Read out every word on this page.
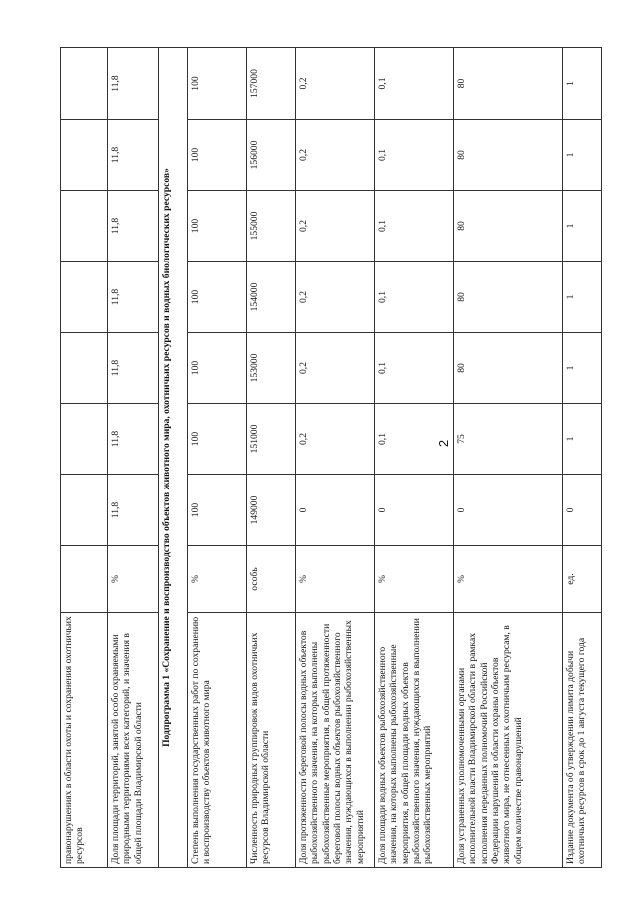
2
правонарушениях в области охоты и сохранения охотничьих ресурсов								
Доля площади территорий, занятой особо охраняемыми природными территориями всех категорий, и значения в общей площади Владимирской области	%	11,8	11,8	11,8	11,8	11,8	11,8	11,8
Подпрограмма 1 «Сохранение и воспроизводство объектов животного мира, охотничьих ресурсов и водных биологических ресурсов»								
Степень выполнения государственных работ по сохранению и воспроизводству объектов животного мира	%	100	100	100	100	100	100	100
Численность природных группировок видов охотничьих ресурсов Владимирской области	особь	149000	151000	153000	154000	155000	156000	157000
Доля протяженности береговой полосы водных объектов рыбохозяйственного значения, на которых выполнены рыбохозяйственные мероприятия, в общей протяженности береговой полосы водных объектов рыбохозяйственного значения, нуждающихся в выполнении рыбохозяйственных мероприятий	%	0	0,2	0,2	0,2	0,2	0,2	0,2
Доля площади водных объектов рыбохозяйственного значения, на которых выполнены рыбохозяйственные мероприятия, в общей площади водных объектов рыбохозяйственного значения, нуждающихся в выполнении рыбохозяйственных мероприятий	%	0	0,1	0,1	0,1	0,1	0,1	0,1
Доля устраненных уполномоченными органами исполнительной власти Владимирской области в рамках исполнения переданных полномочий Российской Федерации нарушений в области охраны объектов животного мира, не отнесенных к охотничьим ресурсам, в общем количестве правонарушений	%	0	75	80	80	80	80	80
Издание документа об утверждении лимита добычи охотничьих ресурсов в срок до 1 августа текущего года	ед.	0	1	1	1	1	1	1
